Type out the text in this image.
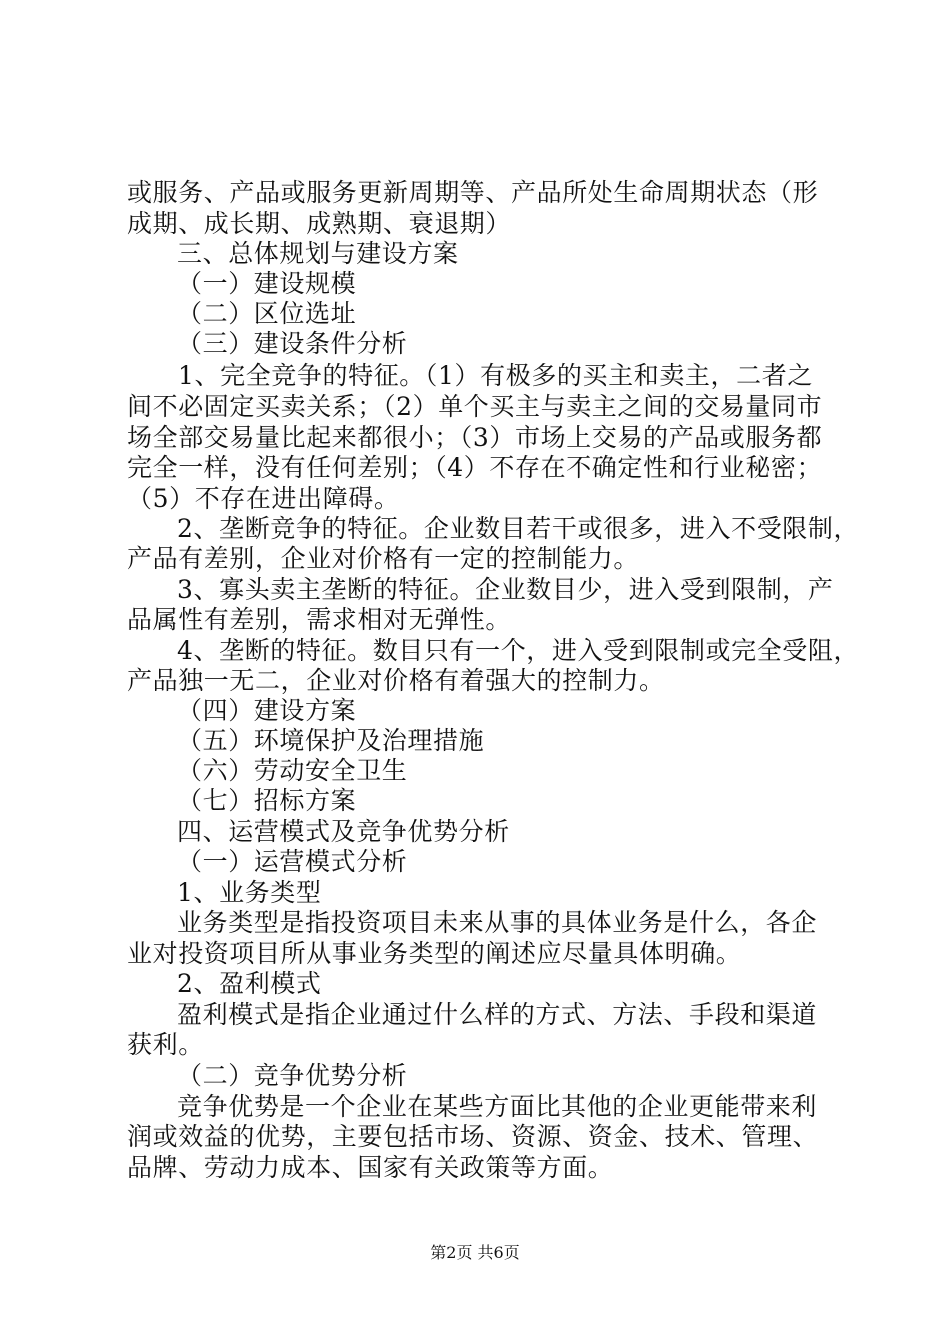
或服务、产品或服务更新周期等、产品所处生命周期状态（形
成期、成长期、成熟期、衰退期）
三、总体规划与建设方案
（一）建设规模
（二）区位选址
（三）建设条件分析
1、完全竞争的特征。（1）有极多的买主和卖主，二者之
间不必固定买卖关系；（2）单个买主与卖主之间的交易量同市
场全部交易量比起来都很小；（3）市场上交易的产品或服务都
完全一样，没有任何差别；（4）不存在不确定性和行业秘密；
（5）不存在进出障碍。
2、垄断竞争的特征。企业数目若干或很多，进入不受限制，
产品有差别，企业对价格有一定的控制能力。
3、寡头卖主垄断的特征。企业数目少，进入受到限制，产
品属性有差别，需求相对无弹性。
4、垄断的特征。数目只有一个，进入受到限制或完全受阻，
产品独一无二，企业对价格有着强大的控制力。
（四）建设方案
（五）环境保护及治理措施
（六）劳动安全卫生
（七）招标方案
四、运营模式及竞争优势分析
（一）运营模式分析
1、业务类型
业务类型是指投资项目未来从事的具体业务是什么，各企
业对投资项目所从事业务类型的阐述应尽量具体明确。
2、盈利模式
盈利模式是指企业通过什么样的方式、方法、手段和渠道
获利。
（二）竞争优势分析
竞争优势是一个企业在某些方面比其他的企业更能带来利
润或效益的优势，主要包括市场、资源、资金、技术、管理、
品牌、劳动力成本、国家有关政策等方面。
第2页 共6页
